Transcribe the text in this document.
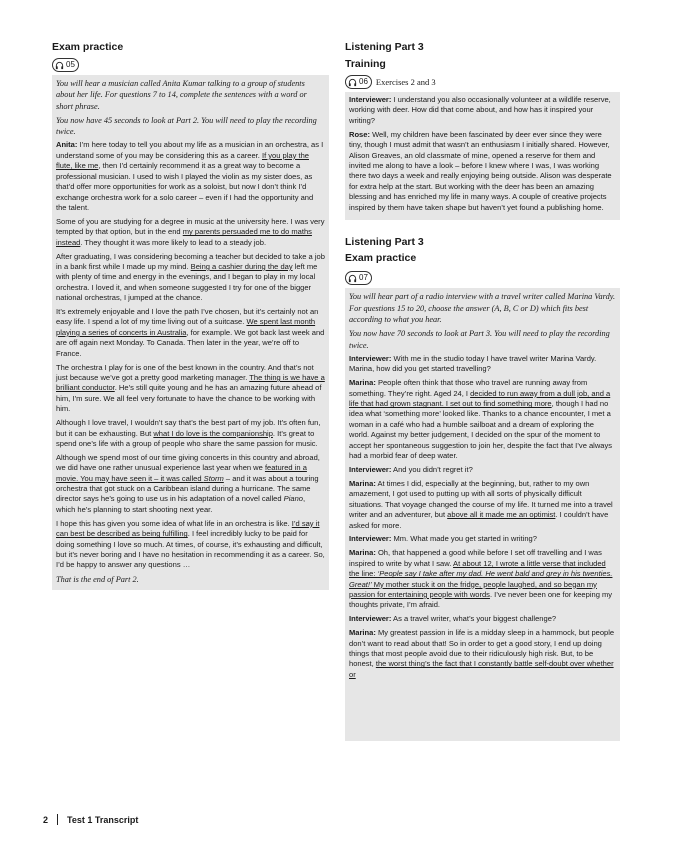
Exam practice
05

You will hear a musician called Anita Kumar talking to a group of students about her life. For questions 7 to 14, complete the sentences with a word or short phrase.

You now have 45 seconds to look at Part 2. You will need to play the recording twice.

Anita: I’m here today to tell you about my life as a musician in an orchestra, as I understand some of you may be considering this as a career. If you play the flute, like me, then I’d certainly recommend it as a great way to become a professional musician. I used to wish I played the violin as my sister does, as that’d offer more opportunities for work as a soloist, but now I don’t think I’d exchange orchestra work for a solo career – even if I had the opportunity and the talent.

Some of you are studying for a degree in music at the university here. I was very tempted by that option, but in the end my parents persuaded me to do maths instead. They thought it was more likely to lead to a steady job.

After graduating, I was considering becoming a teacher but decided to take a job in a bank first while I made up my mind. Being a cashier during the day left me with plenty of time and energy in the evenings, and I began to play in my local orchestra. I loved it, and when someone suggested I try for one of the bigger national orchestras, I jumped at the chance.

It’s extremely enjoyable and I love the path I’ve chosen, but it’s certainly not an easy life. I spend a lot of my time living out of a suitcase. We spent last month playing a series of concerts in Australia, for example. We got back last week and are off again next Monday. To Canada. Then later in the year, we’re off to France.

The orchestra I play for is one of the best known in the country. And that’s not just because we’ve got a pretty good marketing manager. The thing is we have a brilliant conductor. He’s still quite young and he has an amazing future ahead of him, I’m sure. We all feel very fortunate to have the chance to be working with him.

Although I love travel, I wouldn’t say that’s the best part of my job. It’s often fun, but it can be exhausting. But what I do love is the companionship. It’s great to spend one’s life with a group of people who share the same passion for music.

Although we spend most of our time giving concerts in this country and abroad, we did have one rather unusual experience last year when we featured in a movie. You may have seen it – it was called Storm – and it was about a touring orchestra that got stuck on a Caribbean island during a hurricane. The same director says he’s going to use us in his adaptation of a novel called Piano, which he’s planning to start shooting next year.

I hope this has given you some idea of what life in an orchestra is like. I’d say it can best be described as being fulfilling. I feel incredibly lucky to be paid for doing something I love so much. At times, of course, it’s exhausting and difficult, but it’s never boring and I have no hesitation in recommending it as a career. So, I’d be happy to answer any questions …

That is the end of Part 2.

Listening Part 3
Training
06 Exercises 2 and 3

Interviewer: I understand you also occasionally volunteer at a wildlife reserve, working with deer. How did that come about, and how has it inspired your writing?

Rose: Well, my children have been fascinated by deer ever since they were tiny, though I must admit that wasn’t an enthusiasm I initially shared. However, Alison Greaves, an old classmate of mine, opened a reserve for them and invited me along to have a look – before I knew where I was, I was working there two days a week and really enjoying being outside. Alison was desperate for extra help at the start. But working with the deer has been an amazing blessing and has enriched my life in many ways. A couple of creative projects inspired by them have taken shape but haven’t yet found a publishing home.

Listening Part 3
Exam practice
07

You will hear part of a radio interview with a travel writer called Marina Vardy. For questions 15 to 20, choose the answer (A, B, C or D) which fits best according to what you hear.

You now have 70 seconds to look at Part 3. You will need to play the recording twice.

Interviewer: With me in the studio today I have travel writer Marina Vardy. Marina, how did you get started travelling?

Marina: People often think that those who travel are running away from something. They’re right. Aged 24, I decided to run away from a dull job, and a life that had grown stagnant. I set out to find something more, though I had no idea what ‘something more’ looked like. Thanks to a chance encounter, I met a woman in a café who had a humble sailboat and a dream of exploring the world. Against my better judgement, I decided on the spur of the moment to accept her spontaneous suggestion to join her, despite the fact that I’ve always had a morbid fear of deep water.

Interviewer: And you didn’t regret it?

Marina: At times I did, especially at the beginning, but, rather to my own amazement, I got used to putting up with all sorts of physically difficult situations. That voyage changed the course of my life. It turned me into a travel writer and an adventurer, but above all it made me an optimist. I couldn’t have asked for more.

Interviewer: Mm. What made you get started in writing?

Marina: Oh, that happened a good while before I set off travelling and I was inspired to write by what I saw. At about 12, I wrote a little verse that included the line: ‘People say I take after my dad. He went bald and grey in his twenties. Great!’ My mother stuck it on the fridge, people laughed, and so began my passion for entertaining people with words. I’ve never been one for keeping my thoughts private, I’m afraid.

Interviewer: As a travel writer, what’s your biggest challenge?

Marina: My greatest passion in life is a midday sleep in a hammock, but people don’t want to read about that! So in order to get a good story, I end up doing things that most people avoid due to their ridiculously high risk. But, to be honest, the worst thing’s the fact that I constantly battle self-doubt over whether or

2 Test 1 Transcript
